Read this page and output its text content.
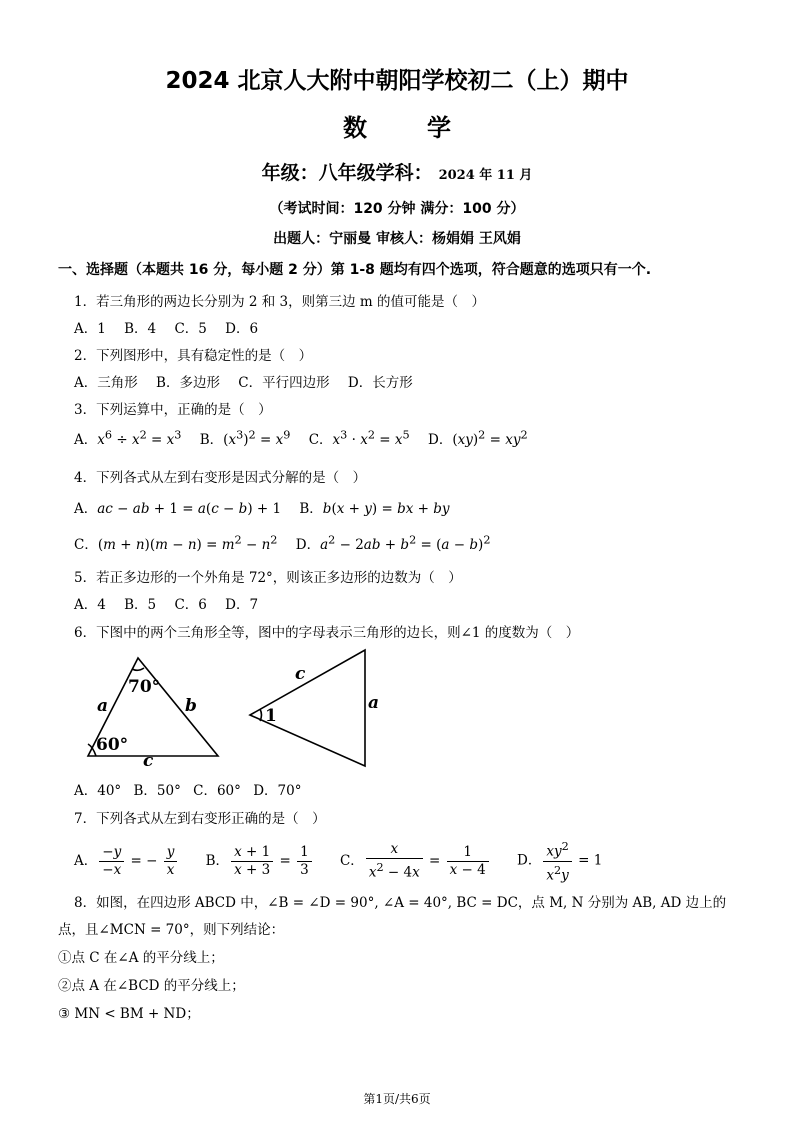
2024 北京人大附中朝阳学校初二（上）期中
数	学
年级：八年级学科： 2024 年 11 月
（考试时间：120 分钟 满分：100 分）
出题人：宁丽曼 审核人：杨娟娟 王风娟
一、选择题（本题共 16 分，每小题 2 分）第 1-8 题均有四个选项，符合题意的选项只有一个.
1．若三角形的两边长分别为 2 和 3，则第三边 m 的值可能是（　）
A．1 B．4 C．5 D．6
2．下列图形中，具有稳定性的是（　）
A．三角形 B．多边形 C．平行四边形 D．长方形
3．下列运算中，正确的是（　）
A．$x^6 \div x^2 = x^3$ B．$(x^3)^2 = x^9$ C．$x^3 \cdot x^2 = x^5$ D．$(xy)^2 = xy^2$
4．下列各式从左到右变形是因式分解的是（　）
A．ac − ab + 1 = a(c − b) + 1 B．b(x + y) = bx + by
C．$(m + n)(m - n) = m^2 - n^2$ D．$a^2 - 2ab + b^2 = (a - b)^2$
5．若正多边形的一个外角是 72°，则该正多边形的边数为（　）
A．4 B．5 C．6 D．7
6．下图中的两个三角形全等，图中的字母表示三角形的边长，则∠1 的度数为（　）
70°
60°
a	b
c
c
a
1
A．40° B．50° C．60° D．70°
7．下列各式从左到右变形正确的是（　）
A． $\frac{-y}{-x}$ = − $\frac{y}{x}$ B． $\frac{x + 1}{x + 3} = \frac{1}{3}$ C． $\frac{x}{x^2 - 4x} = \frac{1}{x - 4}$ D． $\frac{xy^2}{x^2y} = 1$
8．如图，在四边形 ABCD 中，∠B = ∠D = 90°, ∠A = 40°, BC = DC，点 M, N 分别为 AB, AD 边上的
点，且∠MCN = 70°，则下列结论：
①点 C 在∠A 的平分线上；
②点 A 在∠BCD 的平分线上；
③ MN < BM + ND；
第1页/共6页
